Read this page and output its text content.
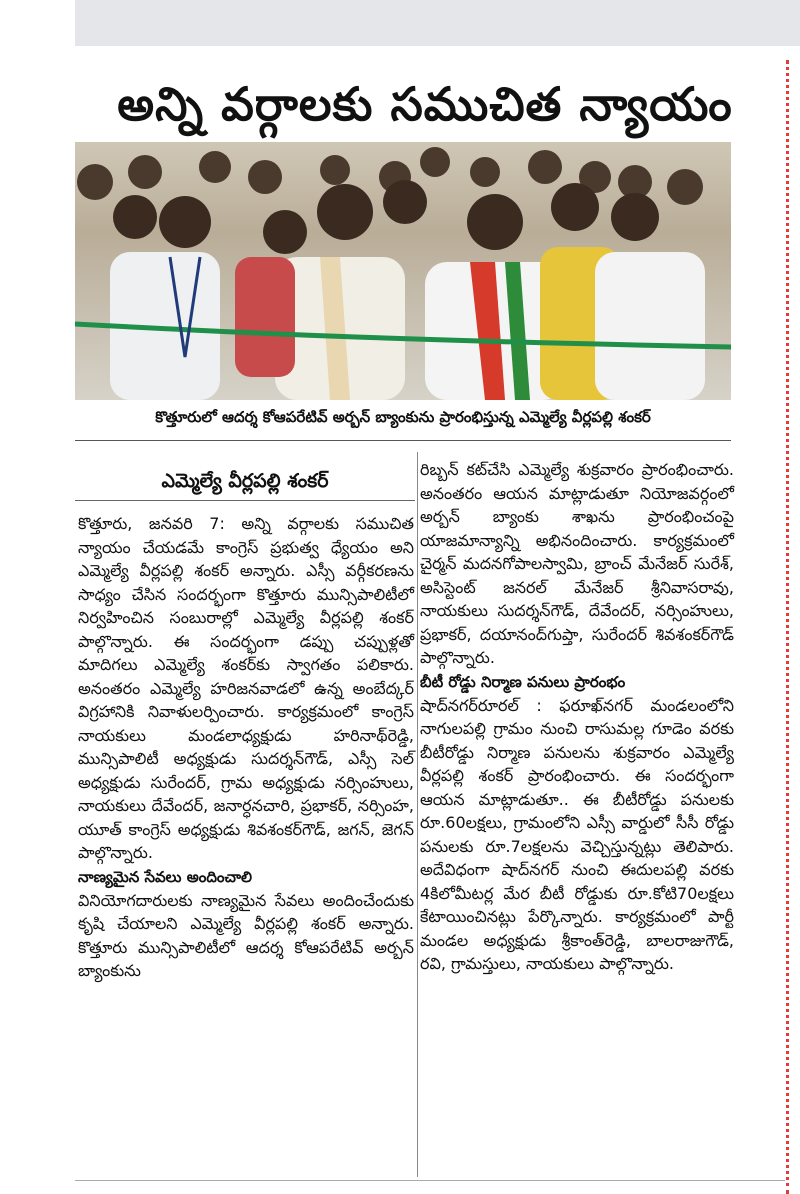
అన్ని వర్గాలకు సముచిత న్యాయం
కొత్తూరులో ఆదర్శ కోఆపరేటివ్ అర్బన్ బ్యాంకును ప్రారంభిస్తున్న ఎమ్మెల్యే వీర్లపల్లి శంకర్
ఎమ్మెల్యే వీర్లపల్లి శంకర్

కొత్తూరు, జనవరి 7: అన్ని వర్గాలకు సముచిత న్యాయం చేయడమే కాంగ్రెస్ ప్రభుత్వ ధ్యేయం అని ఎమ్మెల్యే వీర్లపల్లి శంకర్ అన్నారు. ఎస్సీ వర్గీకరణను సాధ్యం చేసిన సందర్భంగా కొత్తూరు మున్సిపాలిటీలో నిర్వహించిన సంబురాల్లో ఎమ్మెల్యే వీర్లపల్లి శంకర్ పాల్గొన్నారు. ఈ సందర్భంగా డప్పు చప్పుళ్లతో మాదిగలు ఎమ్మెల్యే శంకర్‌కు స్వాగతం పలికారు. అనంతరం ఎమ్మెల్యే హరిజనవాడలో ఉన్న అంబేద్కర్ విగ్రహానికి నివాళులర్పించారు. కార్యక్రమంలో కాంగ్రెస్ నాయకులు మండలాధ్యక్షుడు హరినాథ్‌రెడ్డి, మున్సిపాలిటీ అధ్యక్షుడు సుదర్శన్‌గౌడ్, ఎస్సీ సెల్ అధ్యక్షుడు సురేందర్, గ్రామ అధ్యక్షుడు నర్సింహులు, నాయకులు దేవేందర్, జనార్ధనచారి, ప్రభాకర్, నర్సింహ, యూత్ కాంగ్రెస్ అధ్యక్షుడు శివశంకర్‌గౌడ్, జగన్, జెగన్ పాల్గొన్నారు.

నాణ్యమైన సేవలు అందించాలి

వినియోగదారులకు నాణ్యమైన సేవలు అందించేందుకు కృషి చేయాలని ఎమ్మెల్యే వీర్లపల్లి శంకర్ అన్నారు. కొత్తూరు మున్సిపాలిటీలో ఆదర్శ కోఆపరేటివ్ అర్బన్ బ్యాంకును

రిబ్బన్ కట్‌చేసి ఎమ్మెల్యే శుక్రవారం ప్రారంభించారు. అనంతరం ఆయన మాట్లాడుతూ నియోజవర్గంలో అర్బన్ బ్యాంకు శాఖను ప్రారంభించంపై యాజమాన్యాన్ని అభినందించారు. కార్యక్రమంలో చైర్మన్ మదనగోపాలస్వామి, బ్రాంచ్ మేనేజర్ సురేశ్, అసిస్టెంట్ జనరల్ మేనేజర్ శ్రీనివాసరావు, నాయకులు సుదర్శన్‌గౌడ్, దేవేందర్, నర్సింహులు, ప్రభాకర్, దయానంద్‌గుప్తా, సురేందర్ శివశంకర్‌గౌడ్ పాల్గొన్నారు.

బీటీ రోడ్డు నిర్మాణ పనులు ప్రారంభం

షాద్‌నగర్‌రూరల్ : ఫరూఖ్‌నగర్ మండలంలోని నాగులపల్లి గ్రామం నుంచి రాసుమల్ల గూడెం వరకు బీటీరోడ్డు నిర్మాణ పనులను శుక్రవారం ఎమ్మెల్యే వీర్లపల్లి శంకర్ ప్రారంభించారు. ఈ సందర్భంగా ఆయన మాట్లాడుతూ.. ఈ బీటీరోడ్డు పనులకు రూ.60లక్షలు, గ్రామంలోని ఎస్సీ వార్డులో సీసీ రోడ్డు పనులకు రూ.7లక్షలను వెచ్చిస్తున్నట్లు తెలిపారు. అదేవిధంగా షాద్‌నగర్ నుంచి ఈదులపల్లి వరకు 4కిలోమీటర్ల మేర బీటీ రోడ్డుకు రూ.కోటి70లక్షలు కేటాయించినట్లు పేర్కొన్నారు. కార్యక్రమంలో పార్టీ మండల అధ్యక్షుడు శ్రీకాంత్‌రెడ్డి, బాలరాజుగౌడ్, రవి, గ్రామస్తులు, నాయకులు పాల్గొన్నారు.
